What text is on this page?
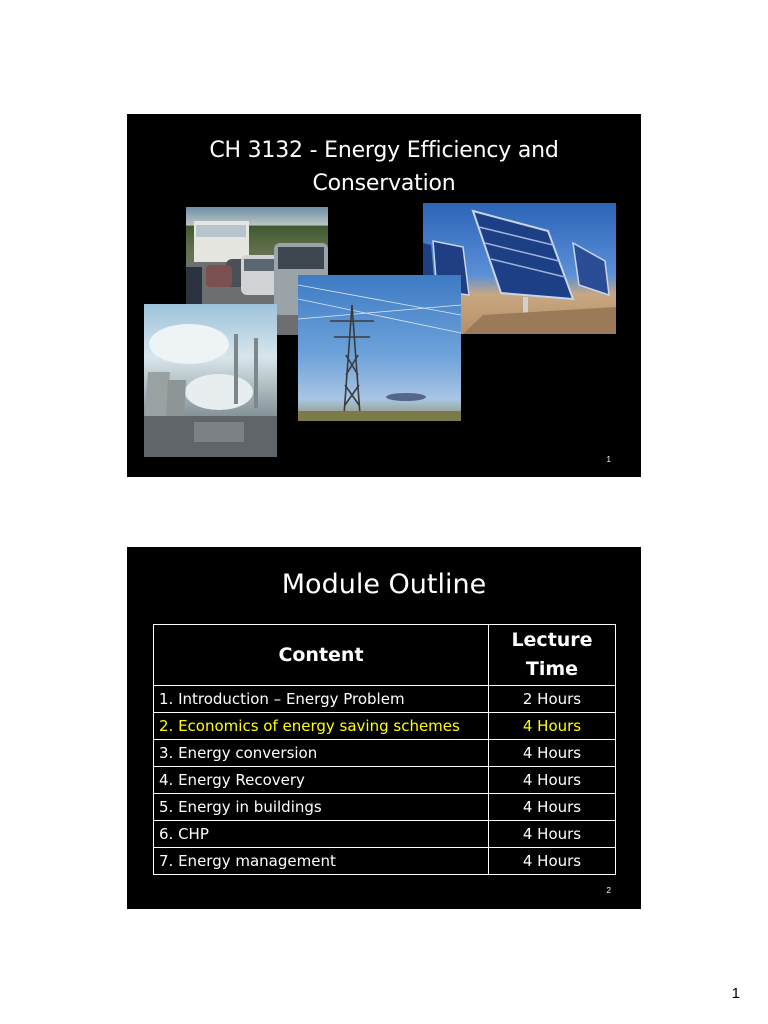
CH 3132 - Energy Efficiency and
Conservation
1
Module Outline
Content	Lecture Time
1. Introduction – Energy Problem	2 Hours
2. Economics of energy saving schemes	4 Hours
3. Energy conversion	4 Hours
4. Energy Recovery	4 Hours
5. Energy in buildings	4 Hours
6. CHP	4 Hours
7. Energy management	4 Hours
2
1
